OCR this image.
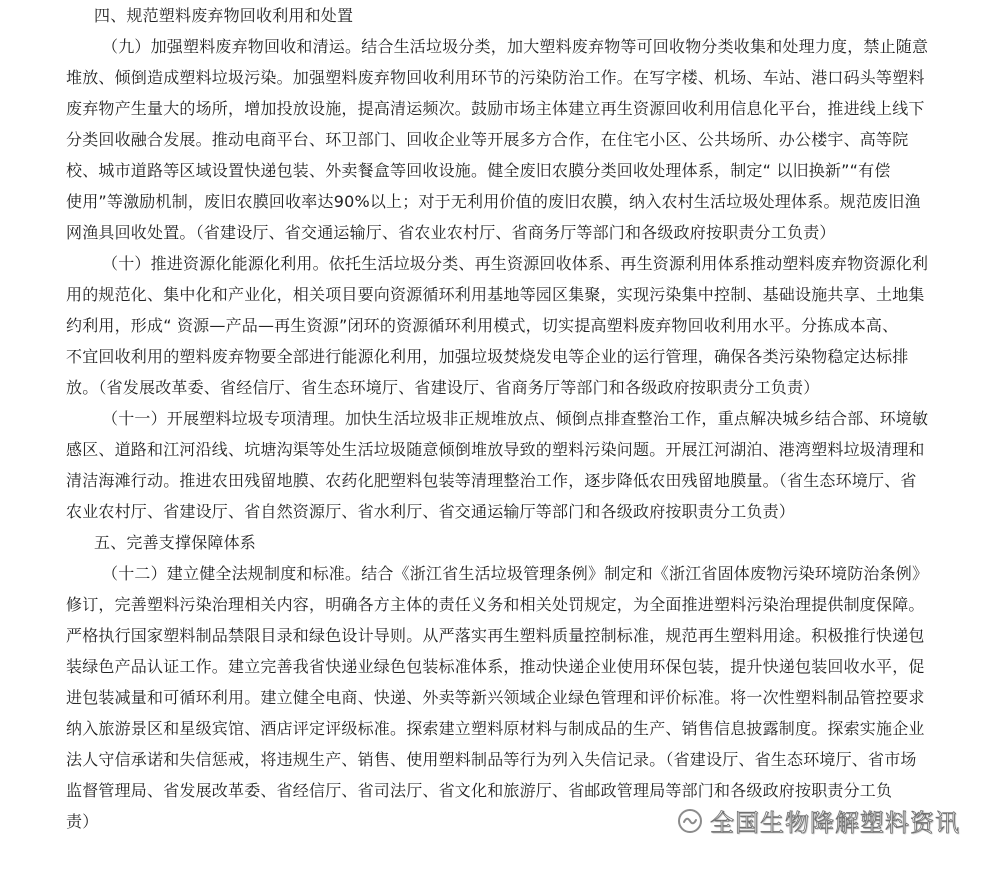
四、规范塑料废弃物回收利用和处置
（九）加强塑料废弃物回收和清运。结合生活垃圾分类，加大塑料废弃物等可回收物分类收集和处理力度，禁止随意
堆放、倾倒造成塑料垃圾污染。加强塑料废弃物回收利用环节的污染防治工作。在写字楼、机场、车站、港口码头等塑料
废弃物产生量大的场所，增加投放设施，提高清运频次。鼓励市场主体建立再生资源回收利用信息化平台，推进线上线下
分类回收融合发展。推动电商平台、环卫部门、回收企业等开展多方合作，在住宅小区、公共场所、办公楼宇、高等院
校、城市道路等区域设置快递包装、外卖餐盒等回收设施。健全废旧农膜分类回收处理体系，制定“ 以旧换新”“有偿
使用”等激励机制，废旧农膜回收率达90%以上；对于无利用价值的废旧农膜，纳入农村生活垃圾处理体系。规范废旧渔
网渔具回收处置。（省建设厅、省交通运输厅、省农业农村厅、省商务厅等部门和各级政府按职责分工负责）
（十）推进资源化能源化利用。依托生活垃圾分类、再生资源回收体系、再生资源利用体系推动塑料废弃物资源化利
用的规范化、集中化和产业化，相关项目要向资源循环利用基地等园区集聚，实现污染集中控制、基础设施共享、土地集
约利用，形成“ 资源—产品—再生资源”闭环的资源循环利用模式，切实提高塑料废弃物回收利用水平。分拣成本高、
不宜回收利用的塑料废弃物要全部进行能源化利用，加强垃圾焚烧发电等企业的运行管理，确保各类污染物稳定达标排
放。（省发展改革委、省经信厅、省生态环境厅、省建设厅、省商务厅等部门和各级政府按职责分工负责）
（十一）开展塑料垃圾专项清理。加快生活垃圾非正规堆放点、倾倒点排查整治工作，重点解决城乡结合部、环境敏
感区、道路和江河沿线、坑塘沟渠等处生活垃圾随意倾倒堆放导致的塑料污染问题。开展江河湖泊、港湾塑料垃圾清理和
清洁海滩行动。推进农田残留地膜、农药化肥塑料包装等清理整治工作，逐步降低农田残留地膜量。（省生态环境厅、省
农业农村厅、省建设厅、省自然资源厅、省水利厅、省交通运输厅等部门和各级政府按职责分工负责）
五、完善支撑保障体系
（十二）建立健全法规制度和标准。结合《浙江省生活垃圾管理条例》制定和《浙江省固体废物污染环境防治条例》
修订，完善塑料污染治理相关内容，明确各方主体的责任义务和相关处罚规定，为全面推进塑料污染治理提供制度保障。
严格执行国家塑料制品禁限目录和绿色设计导则。从严落实再生塑料质量控制标准，规范再生塑料用途。积极推行快递包
装绿色产品认证工作。建立完善我省快递业绿色包装标准体系，推动快递企业使用环保包装，提升快递包装回收水平，促
进包装减量和可循环利用。建立健全电商、快递、外卖等新兴领域企业绿色管理和评价标准。将一次性塑料制品管控要求
纳入旅游景区和星级宾馆、酒店评定评级标准。探索建立塑料原材料与制成品的生产、销售信息披露制度。探索实施企业
法人守信承诺和失信惩戒，将违规生产、销售、使用塑料制品等行为列入失信记录。（省建设厅、省生态环境厅、省市场
监督管理局、省发展改革委、省经信厅、省司法厅、省文化和旅游厅、省邮政管理局等部门和各级政府按职责分工负
责）	全国生物降解塑料资讯
